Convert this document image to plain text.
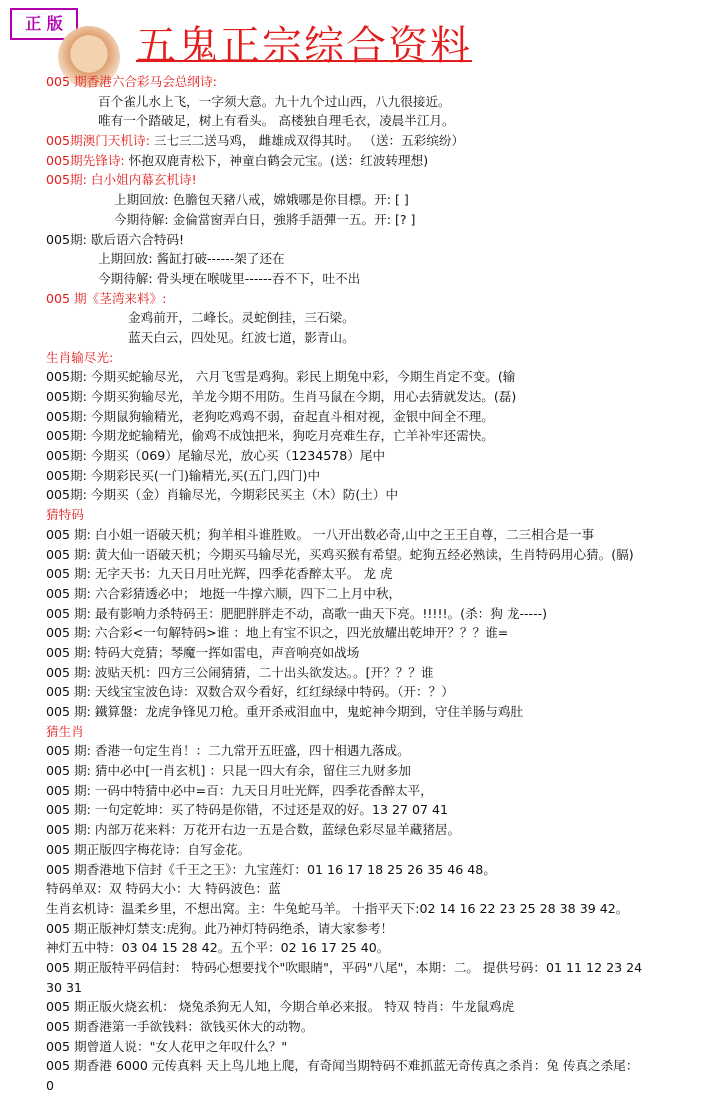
正 版	五鬼正宗综合资料
005 期香港六合彩马会总纲诗:
百个雀儿水上飞，一字须大意。九十九个过山西，八九很接近。
唯有一个踏破足，树上有看头。 高楼独自理毛衣，凌晨半江月。
005期澳门天机诗: 三七三二送马鸡， 雌雄成双得其时。 （送：五彩缤纷）
005期先锋诗: 怀抱双鹿青松下，神童白鹤会元宝。(送：红波转理想)
005期: 白小姐内幕玄机诗!
上期回放: 色膽包天豬八戒，嫦娥哪是你目標。开: [ ]
今期待解: 金倫當窗弄白日，強將手語彈一五。开: [? ]
005期: 歇后语六合特码!
上期回放: 酱缸打破------架了还在
今期待解: 骨头埂在喉咙里------吞不下，吐不出
005 期《茎湾来料》:
金鸡前开，二峰长。灵蛇倒挂，三石梁。
蓝天白云，四处见。红波七道，影青山。
生肖输尽光:
005期: 今期买蛇输尽光， 六月飞雪是鸡狗。彩民上期兔中彩，今期生肖定不变。(输
005期: 今期买狗输尽光，羊龙今期不用防。生肖马鼠在今期，用心去猜就发达。(磊)
005期: 今期鼠狗输精光，老狗吃鸡鸡不弱，奋起直斗相对视，金银中间全不理。
005期: 今期龙蛇输精光，偷鸡不成蚀把米，狗吃月亮难生存，亡羊补牢还需快。
005期: 今期买（069）尾输尽光，放心买（1234578）尾中
005期: 今期彩民买(一门)输精光,买(五门,四门)中
005期: 今期买（金）肖输尽光，今期彩民买主（木）防(土）中
猜特码
005 期: 白小姐一语破天机；狗羊相斗谁胜败。 一八开出数必奇,山中之王王自尊，二三相合是一事
005 期: 黄大仙一语破天机；今期买马输尽光，买鸡买猴有希望。蛇狗五经必熟读，生肖特码用心猜。(膈)
005 期: 无字天书：九天日月吐光辉，四季花香醉太平。 龙 虎
005 期: 六合彩猜透必中； 地挺一牛撑六顺，四下二上月中秋，
005 期: 最有影响力杀特码王：肥肥胖胖走不动，高歌一曲天下亮。!!!!!。(杀：狗 龙-----)
005 期: 六合彩<一句解特码>谁 ：地上有宝不识之，四光放耀出乾坤开？？？谁=
005 期: 特码大竞猜；琴魔一挥如雷电，声音响亮如战场
005 期: 波贴天机：四方三公闹猜猜，二十出头欲发达。。[开？？？谁
005 期: 天线宝宝波色诗：双数合双今看好，红红绿绿中特码。（开：？）
005 期: 鐵算盤：龙虎争锋见刀枪。重开杀戒泪血中，鬼蛇神今期到，守住羊肠与鸡肚
猜生肖
005 期: 香港一句定生肖！：二九常开五旺盛，四十相遇九落成。
005 期: 猜中必中[一肖玄机] ：只昆一四大有余，留住三九财多加
005 期: 一码中特猜中必中=百：九天日月吐光辉，四季花香醉太平，
005 期: 一句定乾坤：买了特码是你错，不过还是双的好。13 27 07 41
005 期: 内部万花来料：万花开右边一五是合数，蓝绿色彩尽显羊藏猪居。
005 期正版四字梅花诗：自写金花。
005 期香港地下信封《千王之王》：九宝莲灯：01 16 17 18 25 26 35 46 48。
特码单双：双 特码大小：大 特码波色：蓝
生肖玄机诗：温柔乡里，不想出窝。主：牛兔蛇马羊。 十指平天下:02 14 16 22 23 25 28 38 39 42。
005 期正版神灯禁支:虎狗。此乃神灯特码绝杀，请大家参考！
神灯五中特：03 04 15 28 42。五个平：02 16 17 25 40。
005 期正版特平码信封： 特码心想要找个"吹眼睛"，平码"八尾"，本期：二。 提供号码：01 11 12 23 24
30 31
005 期正版火烧玄机： 烧兔杀狗无人知，今期合单必来报。 特双 特肖：牛龙鼠鸡虎
005 期香港第一手欲钱料：欲钱买休大的动物。
005 期曾道人说："女人花甲之年叹什么？"
005 期香港 6000 元传真料 天上鸟儿地上爬，有奇闻当期特码不难抓蓝无奇传真之杀肖：兔 传真之杀尾：
0
